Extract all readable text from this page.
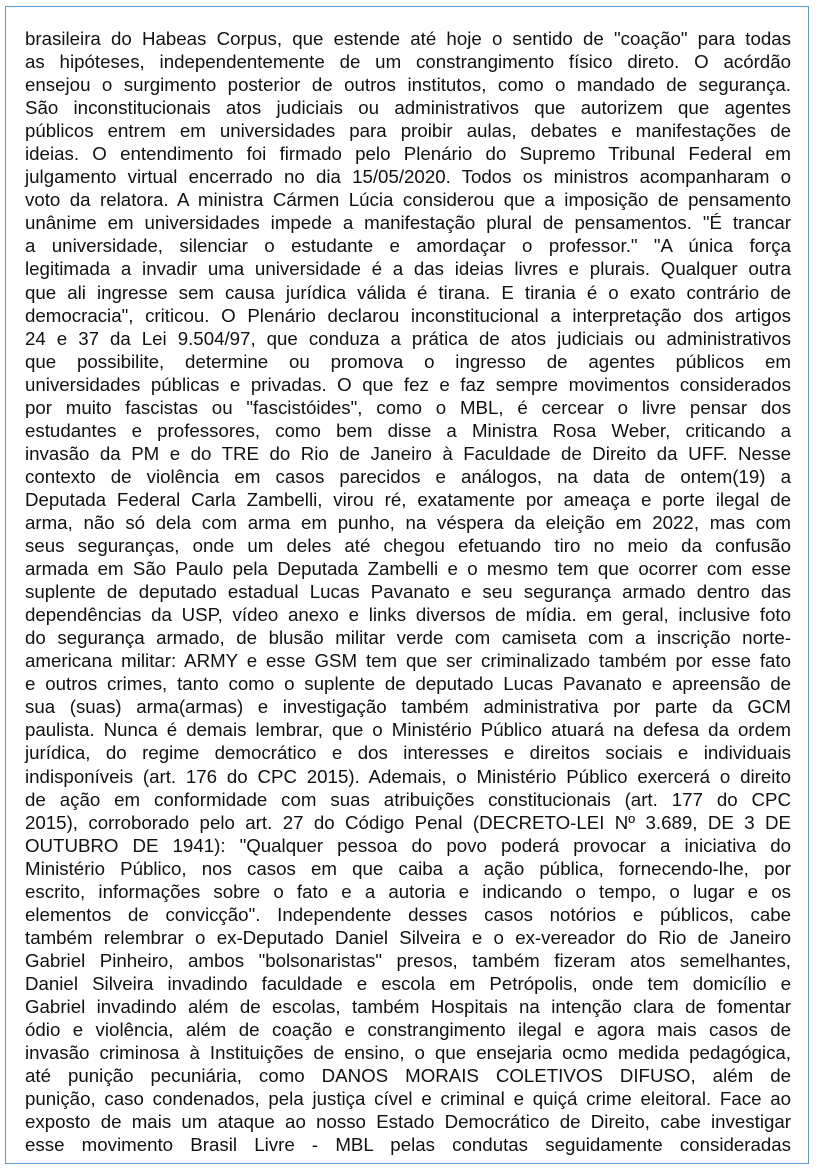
brasileira do Habeas Corpus, que estende até hoje o sentido de "coação" para todas
as hipóteses, independentemente de um constrangimento físico direto. O acórdão
ensejou o surgimento posterior de outros institutos, como o mandado de segurança.
São inconstitucionais atos judiciais ou administrativos que autorizem que agentes
públicos entrem em universidades para proibir aulas, debates e manifestações de
ideias. O entendimento foi firmado pelo Plenário do Supremo Tribunal Federal em
julgamento virtual encerrado no dia 15/05/2020. Todos os ministros acompanharam o
voto da relatora. A ministra Cármen Lúcia considerou que a imposição de pensamento
unânime em universidades impede a manifestação plural de pensamentos. "É trancar
a universidade, silenciar o estudante e amordaçar o professor." "A única força
legitimada a invadir uma universidade é a das ideias livres e plurais. Qualquer outra
que ali ingresse sem causa jurídica válida é tirana. E tirania é o exato contrário de
democracia", criticou. O Plenário declarou inconstitucional a interpretação dos artigos
24 e 37 da Lei 9.504/97, que conduza a prática de atos judiciais ou administrativos
que possibilite, determine ou promova o ingresso de agentes públicos em
universidades públicas e privadas. O que fez e faz sempre movimentos considerados
por muito fascistas ou "fascistóides", como o MBL, é cercear o livre pensar dos
estudantes e professores, como bem disse a Ministra Rosa Weber, criticando a
invasão da PM e do TRE do Rio de Janeiro à Faculdade de Direito da UFF. Nesse
contexto de violência em casos parecidos e análogos, na data de ontem(19) a
Deputada Federal Carla Zambelli, virou ré, exatamente por ameaça e porte ilegal de
arma, não só dela com arma em punho, na véspera da eleição em 2022, mas com
seus seguranças, onde um deles até chegou efetuando tiro no meio da confusão
armada em São Paulo pela Deputada Zambelli e o mesmo tem que ocorrer com esse
suplente de deputado estadual Lucas Pavanato e seu segurança armado dentro das
dependências da USP, vídeo anexo e links diversos de mídia. em geral, inclusive foto
do segurança armado, de blusão militar verde com camiseta com a inscrição norte-
americana militar: ARMY e esse GSM tem que ser criminalizado também por esse fato
e outros crimes, tanto como o suplente de deputado Lucas Pavanato e apreensão de
sua (suas) arma(armas) e investigação também administrativa por parte da GCM
paulista. Nunca é demais lembrar, que o Ministério Público atuará na defesa da ordem
jurídica, do regime democrático e dos interesses e direitos sociais e individuais
indisponíveis (art. 176 do CPC 2015). Ademais, o Ministério Público exercerá o direito
de ação em conformidade com suas atribuições constitucionais (art. 177 do CPC
2015), corroborado pelo art. 27 do Código Penal (DECRETO-LEI Nº 3.689, DE 3 DE
OUTUBRO DE 1941): "Qualquer pessoa do povo poderá provocar a iniciativa do
Ministério Público, nos casos em que caiba a ação pública, fornecendo-lhe, por
escrito, informações sobre o fato e a autoria e indicando o tempo, o lugar e os
elementos de convicção". Independente desses casos notórios e públicos, cabe
também relembrar o ex-Deputado Daniel Silveira e o ex-vereador do Rio de Janeiro
Gabriel Pinheiro, ambos "bolsonaristas" presos, também fizeram atos semelhantes,
Daniel Silveira invadindo faculdade e escola em Petrópolis, onde tem domicílio e
Gabriel invadindo além de escolas, também Hospitais na intenção clara de fomentar
ódio e violência, além de coação e constrangimento ilegal e agora mais casos de
invasão criminosa à Instituições de ensino, o que ensejaria ocmo medida pedagógica,
até punição pecuniária, como DANOS MORAIS COLETIVOS DIFUSO, além de
punição, caso condenados, pela justiça cível e criminal e quiçá crime eleitoral. Face ao
exposto de mais um ataque ao nosso Estado Democrático de Direito, cabe investigar
esse movimento Brasil Livre - MBL pelas condutas seguidamente consideradas
